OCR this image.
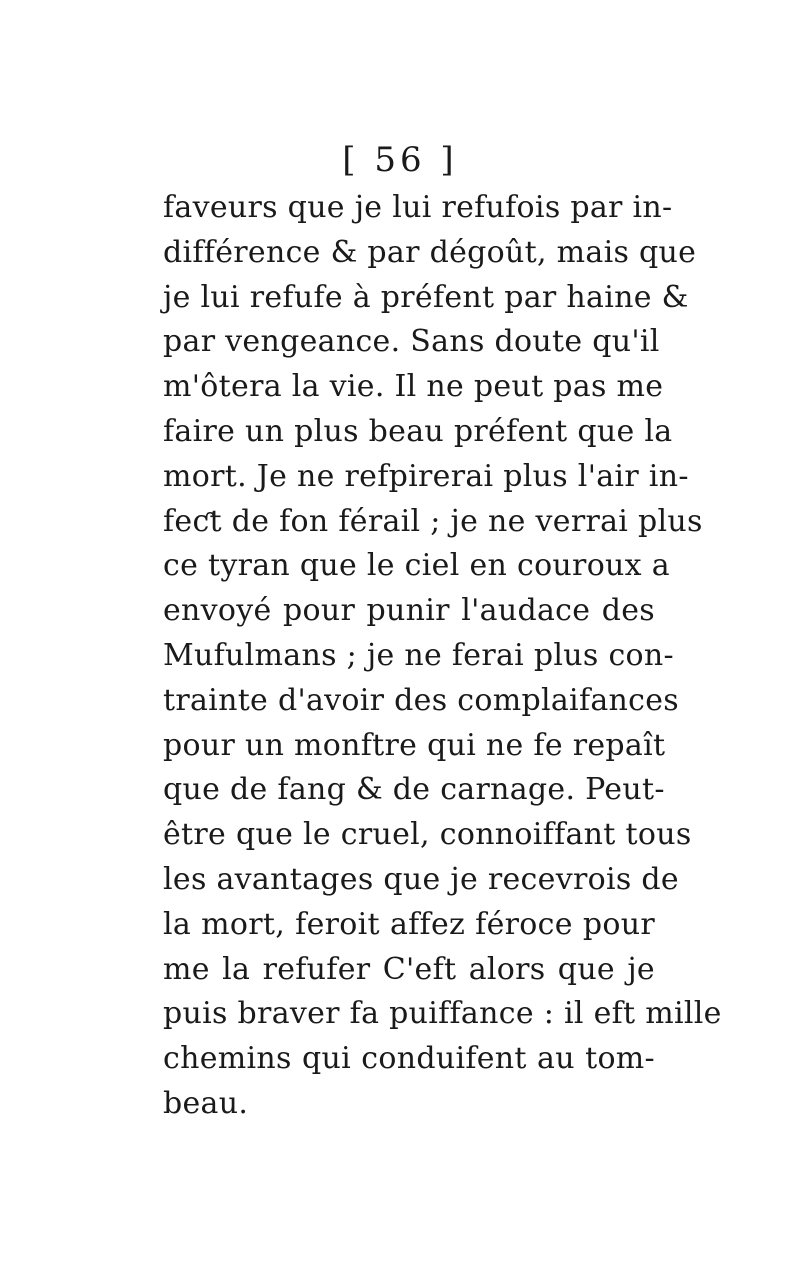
[ 56 ]
faveurs que je lui refufois par in-
différence & par dégoût, mais que
je lui refufe à préfent par haine &
par vengeance. Sans doute qu'il
m'ôtera la vie. Il ne peut pas me
faire un plus beau préfent que la
mort. Je ne refpirerai plus l'air in-
feƈt de fon férail ; je ne verrai plus
ce tyran que le ciel en couroux a
envoyé pour punir l'audace des
Mufulmans ; je ne ferai plus con-
trainte d'avoir des complaifances
pour un monftre qui ne fe repaît
que de fang & de carnage. Peut-
être que le cruel, connoiffant tous
les avantages que je recevrois de
la mort, feroit affez féroce pour
me la refufer C'eft alors que je
puis braver fa puiffance : il eft mille
chemins qui conduifent au tom-
beau.
